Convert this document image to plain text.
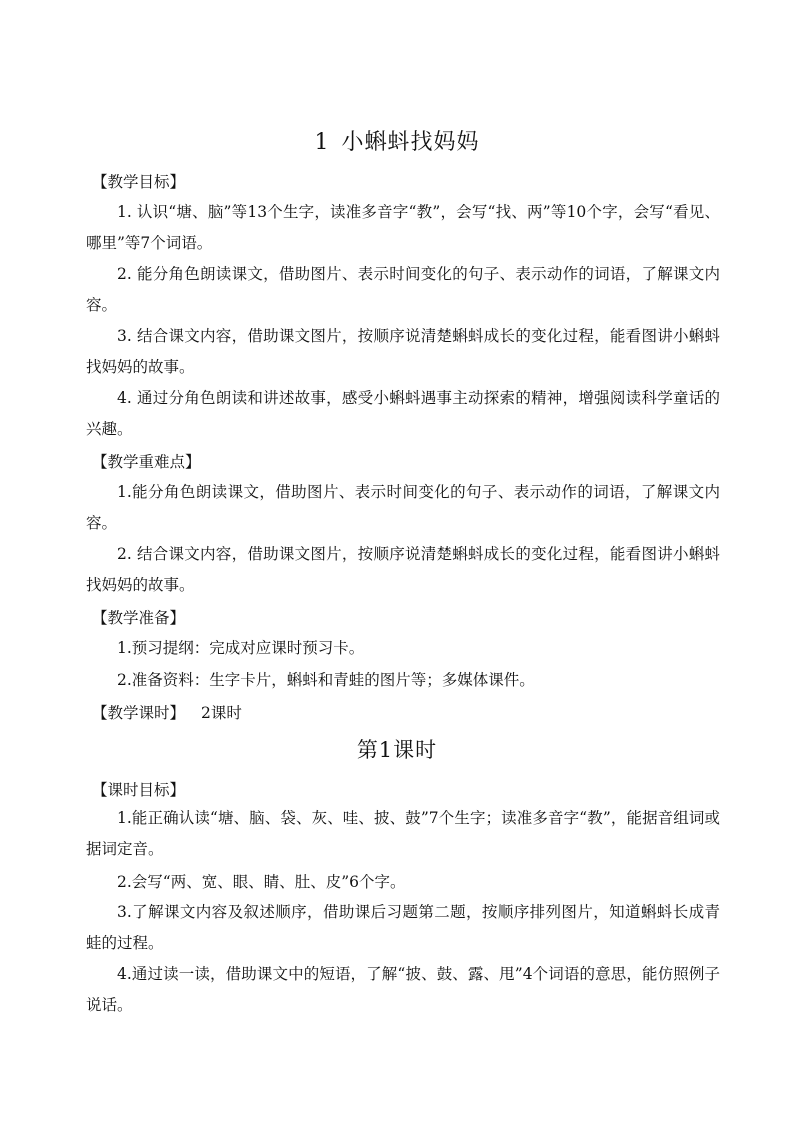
1 小蝌蚪找妈妈
【教学目标】

1. 认识“塘、脑”等13个生字，读准多音字“教”，会写“找、两”等10个字，会写“看见、哪里”等7个词语。

2. 能分角色朗读课文，借助图片、表示时间变化的句子、表示动作的词语，了解课文内容。

3. 结合课文内容，借助课文图片，按顺序说清楚蝌蚪成长的变化过程，能看图讲小蝌蚪找妈妈的故事。

4. 通过分角色朗读和讲述故事，感受小蝌蚪遇事主动探索的精神，增强阅读科学童话的兴趣。

【教学重难点】

1.能分角色朗读课文，借助图片、表示时间变化的句子、表示动作的词语，了解课文内容。

2. 结合课文内容，借助课文图片，按顺序说清楚蝌蚪成长的变化过程，能看图讲小蝌蚪找妈妈的故事。

【教学准备】
1.预习提纲：完成对应课时预习卡。
2.准备资料：生字卡片，蝌蚪和青蛙的图片等；多媒体课件。
【教学课时】 2课时
第1课时
【课时目标】

1.能正确认读“塘、脑、袋、灰、哇、披、鼓”7个生字；读准多音字“教”，能据音组词或据词定音。

2.会写“两、宽、眼、睛、肚、皮”6个字。

3.了解课文内容及叙述顺序，借助课后习题第二题，按顺序排列图片，知道蝌蚪长成青蛙的过程。

4.通过读一读，借助课文中的短语，了解“披、鼓、露、甩”4个词语的意思，能仿照例子说话。
